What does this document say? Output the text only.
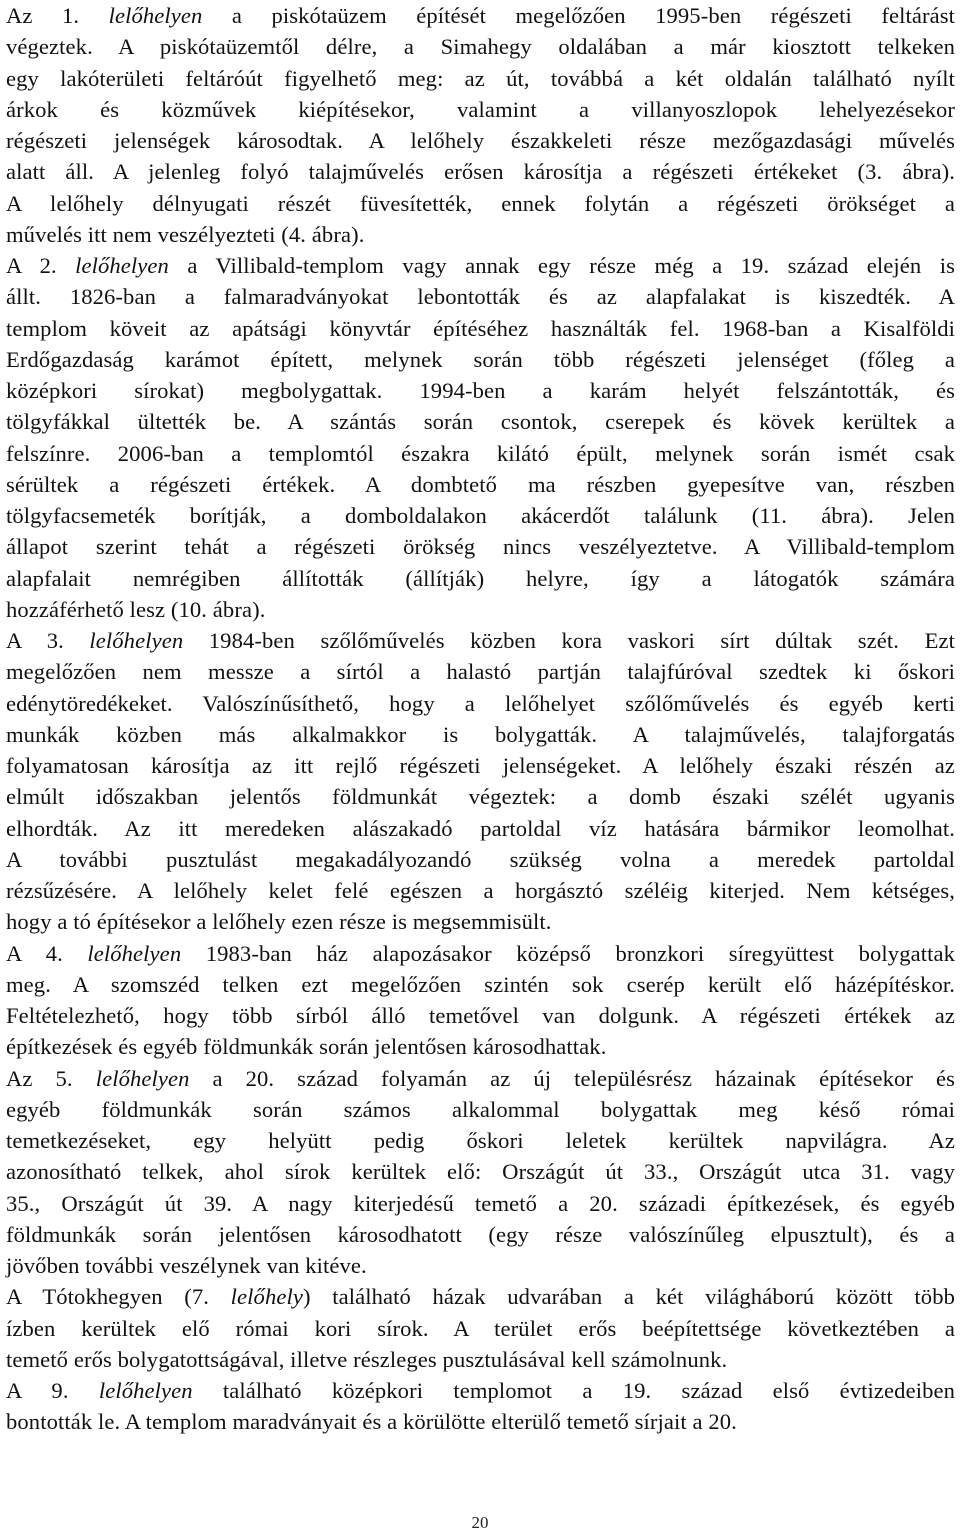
Az 1. lelőhelyen a piskótaüzem építését megelőzően 1995-ben régészeti feltárást
végeztek. A piskótaüzemtől délre, a Simahegy oldalában a már kiosztott telkeken
egy lakóterületi feltáróút figyelhető meg: az út, továbbá a két oldalán található nyílt
árkok és közművek kiépítésekor, valamint a villanyoszlopok lehelyezésekor
régészeti jelenségek károsodtak. A lelőhely északkeleti része mezőgazdasági művelés
alatt áll. A jelenleg folyó talajművelés erősen károsítja a régészeti értékeket (3. ábra).
A lelőhely délnyugati részét füvesítették, ennek folytán a régészeti örökséget a
művelés itt nem veszélyezteti (4. ábra).
A 2. lelőhelyen a Villibald-templom vagy annak egy része még a 19. század elején is
állt. 1826-ban a falmaradványokat lebontották és az alapfalakat is kiszedték. A
templom köveit az apátsági könyvtár építéséhez használták fel. 1968-ban a Kisalföldi
Erdőgazdaság karámot épített, melynek során több régészeti jelenséget (főleg a
középkori sírokat) megbolygattak. 1994-ben a karám helyét felszántották, és
tölgyfákkal ültették be. A szántás során csontok, cserepek és kövek kerültek a
felszínre. 2006-ban a templomtól északra kilátó épült, melynek során ismét csak
sérültek a régészeti értékek. A dombtető ma részben gyepesítve van, részben
tölgyfacsemeték borítják, a domboldalakon akácerdőt találunk (11. ábra). Jelen
állapot szerint tehát a régészeti örökség nincs veszélyeztetve. A Villibald-templom
alapfalait nemrégiben állították (állítják) helyre, így a látogatók számára
hozzáférhető lesz (10. ábra).
A 3. lelőhelyen 1984-ben szőlőművelés közben kora vaskori sírt dúltak szét. Ezt
megelőzően nem messze a sírtól a halastó partján talajfúróval szedtek ki őskori
edénytöredékeket. Valószínűsíthető, hogy a lelőhelyet szőlőművelés és egyéb kerti
munkák közben más alkalmakkor is bolygatták. A talajművelés, talajforgatás
folyamatosan károsítja az itt rejlő régészeti jelenségeket. A lelőhely északi részén az
elmúlt időszakban jelentős földmunkát végeztek: a domb északi szélét ugyanis
elhordták. Az itt meredeken alászakadó partoldal víz hatására bármikor leomolhat.
A további pusztulást megakadályozandó szükség volna a meredek partoldal
rézsűzésére. A lelőhely kelet felé egészen a horgásztó széléig kiterjed. Nem kétséges,
hogy a tó építésekor a lelőhely ezen része is megsemmisült.
A 4. lelőhelyen 1983-ban ház alapozásakor középső bronzkori síregyüttest bolygattak
meg. A szomszéd telken ezt megelőzően szintén sok cserép került elő házépítéskor.
Feltételezhető, hogy több sírból álló temetővel van dolgunk. A régészeti értékek az
építkezések és egyéb földmunkák során jelentősen károsodhattak.
Az 5. lelőhelyen a 20. század folyamán az új településrész házainak építésekor és
egyéb földmunkák során számos alkalommal bolygattak meg késő római
temetkezéseket, egy helyütt pedig őskori leletek kerültek napvilágra. Az
azonosítható telkek, ahol sírok kerültek elő: Országút út 33., Országút utca 31. vagy
35., Országút út 39. A nagy kiterjedésű temető a 20. századi építkezések, és egyéb
földmunkák során jelentősen károsodhatott (egy része valószínűleg elpusztult), és a
jövőben további veszélynek van kitéve.
A Tótokhegyen (7. lelőhely) található házak udvarában a két világháború között több
ízben kerültek elő római kori sírok. A terület erős beépítettsége következtében a
temető erős bolygatottságával, illetve részleges pusztulásával kell számolnunk.
A 9. lelőhelyen található középkori templomot a 19. század első évtizedeiben
bontották le. A templom maradványait és a körülötte elterülő temető sírjait a 20.
20
